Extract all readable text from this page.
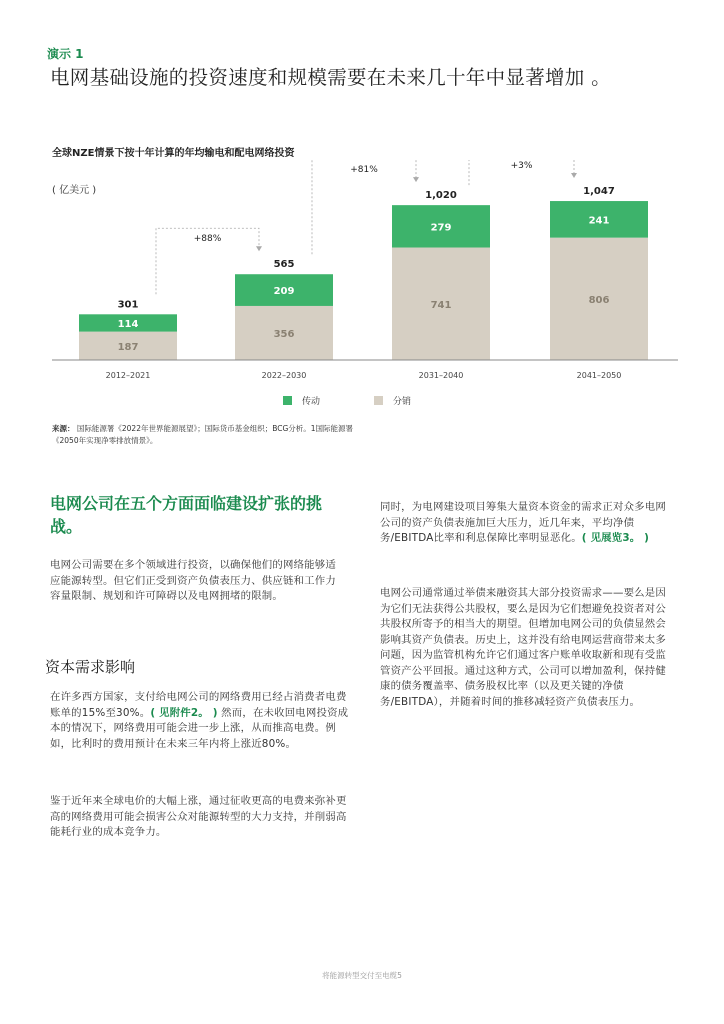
演示 1
电网基础设施的投资速度和规模需要在未来几十年中显著增加 。
全球NZE情景下按十年计算的年均输电和配电网络投资
( 亿美元 )
187
114
301
2012–2021
356
209
565
2022–2030
741
279
1,020
2031–2040
806
241
1,047
2041–2050
+88%
+81%	+3%
传动	分销
来源： 国际能源署《2022年世界能源展望》；国际货币基金组织；BCG分析。1国际能源署《2050年实现净零排放情景》。
电网公司在五个方面面临建设扩张的挑战。
电网公司需要在多个领域进行投资，以确保他们的网络能够适应能源转型。但它们正受到资产负债表压力、供应链和工作力容量限制、规划和许可障碍以及电网拥堵的限制。
资本需求影响
在许多西方国家，支付给电网公司的网络费用已经占消费者电费账单的15%至30%。( 见附件2。 ) 然而，在未收回电网投资成本的情况下，网络费用可能会进一步上涨，从而推高电费。例如，比利时的费用预计在未来三年内将上涨近80%。
鉴于近年来全球电价的大幅上涨，通过征收更高的电费来弥补更高的网络费用可能会损害公众对能源转型的大力支持，并削弱高能耗行业的成本竞争力。
同时，为电网建设项目筹集大量资本资金的需求正对众多电网公司的资产负债表施加巨大压力，近几年来，平均净债务/EBITDA比率和利息保障比率明显恶化。( 见展览3。 )
电网公司通常通过举债来融资其大部分投资需求——要么是因为它们无法获得公共股权，要么是因为它们想避免投资者对公共股权所寄予的相当大的期望。但增加电网公司的负债显然会影响其资产负债表。历史上，这并没有给电网运营商带来太多问题，因为监管机构允许它们通过客户账单收取新和现有受监管资产公平回报。通过这种方式，公司可以增加盈利，保持健康的债务覆盖率、债务股权比率（以及更关键的净债务/EBITDA），并随着时间的推移减轻资产负债表压力。
将能源转型交付至电缆5
